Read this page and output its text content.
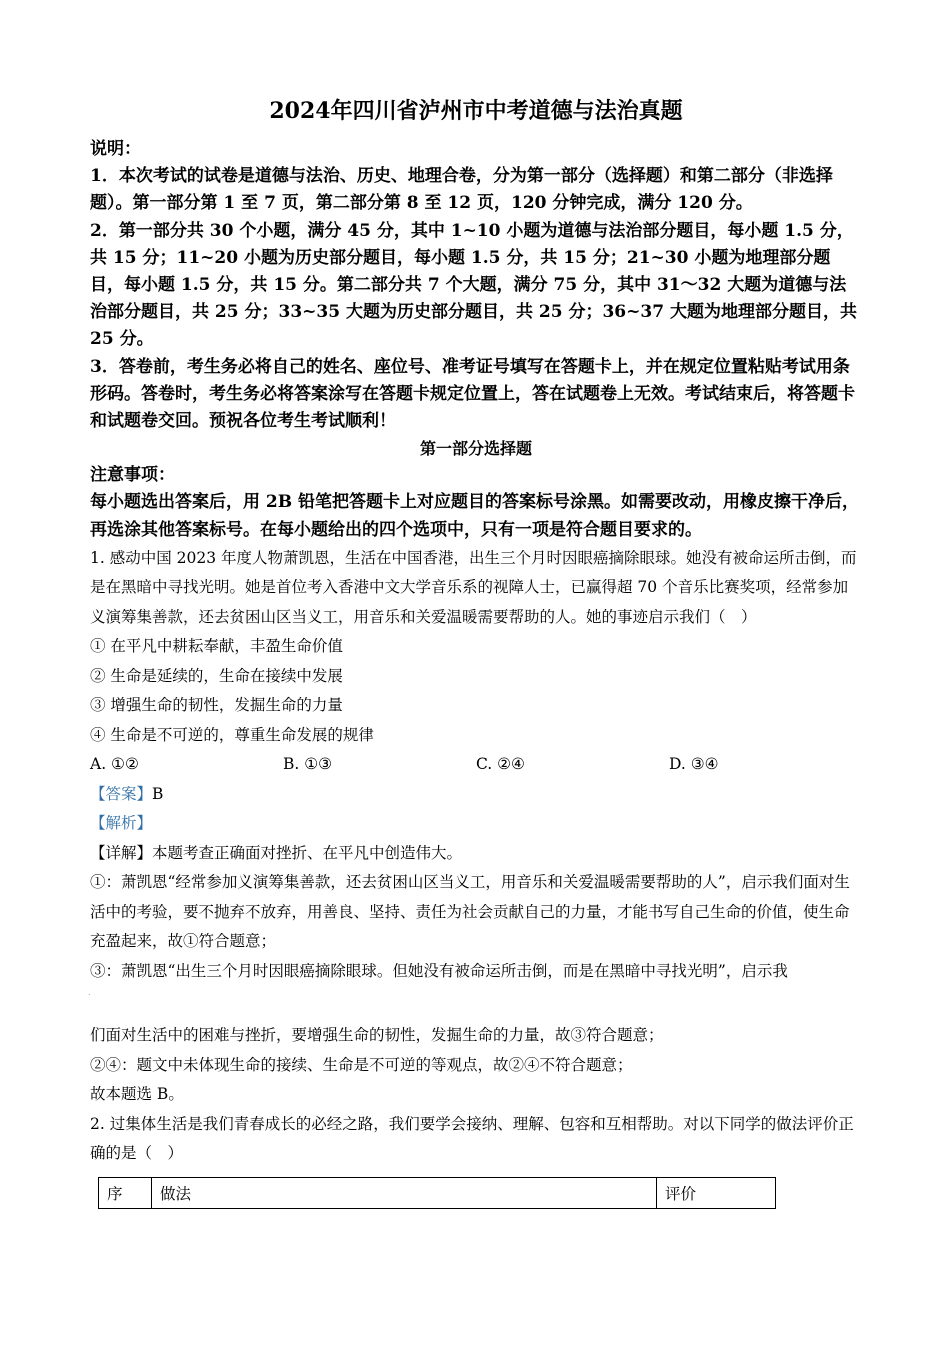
2024年四川省泸州市中考道德与法治真题

说明：

1．本次考试的试卷是道德与法治、历史、地理合卷，分为第一部分（选择题）和第二部分（非选择题）。第一部分第 1 至 7 页，第二部分第 8 至 12 页，120 分钟完成，满分 120 分。

2．第一部分共 30 个小题，满分 45 分，其中 1~10 小题为道德与法治部分题目，每小题 1.5 分，共 15 分；11~20 小题为历史部分题目，每小题 1.5 分，共 15 分；21~30 小题为地理部分题目，每小题 1.5 分，共 15 分。第二部分共 7 个大题，满分 75 分，其中 31～32 大题为道德与法治部分题目，共 25 分；33~35 大题为历史部分题目，共 25 分；36~37 大题为地理部分题目，共 25 分。

3．答卷前，考生务必将自己的姓名、座位号、准考证号填写在答题卡上，并在规定位置粘贴考试用条形码。答卷时，考生务必将答案涂写在答题卡规定位置上，答在试题卷上无效。考试结束后，将答题卡和试题卷交回。预祝各位考生考试顺利！

第一部分选择题

注意事项：

每小题选出答案后，用 2B 铅笔把答题卡上对应题目的答案标号涂黑。如需要改动，用橡皮擦干净后，再选涂其他答案标号。在每小题给出的四个选项中，只有一项是符合题目要求的。

1. 感动中国 2023 年度人物萧凯恩，生活在中国香港，出生三个月时因眼癌摘除眼球。她没有被命运所击倒，而是在黑暗中寻找光明。她是首位考入香港中文大学音乐系的视障人士，已赢得超 70 个音乐比赛奖项，经常参加义演筹集善款，还去贫困山区当义工，用音乐和关爱温暖需要帮助的人。她的事迹启示我们（　）

① 在平凡中耕耘奉献，丰盈生命价值

② 生命是延续的，生命在接续中发展

③ 增强生命的韧性，发掘生命的力量

④ 生命是不可逆的，尊重生命发展的规律

A. ①②	B. ①③	C. ②④	D. ③④

【答案】B

【解析】

【详解】本题考查正确面对挫折、在平凡中创造伟大。

①：萧凯恩“经常参加义演筹集善款，还去贫困山区当义工，用音乐和关爱温暖需要帮助的人”，启示我们面对生活中的考验，要不抛弃不放弃，用善良、坚持、责任为社会贡献自己的力量，才能书写自己生命的价值，使生命充盈起来，故①符合题意；

③：萧凯恩“出生三个月时因眼癌摘除眼球。但她没有被命运所击倒，而是在黑暗中寻找光明”，启示我

.

们面对生活中的困难与挫折，要增强生命的韧性，发掘生命的力量，故③符合题意；

②④：题文中未体现生命的接续、生命是不可逆的等观点，故②④不符合题意；

故本题选 B。

2. 过集体生活是我们青春成长的必经之路，我们要学会接纳、理解、包容和互相帮助。对以下同学的做法评价正确的是（　）

序	做法	评价
